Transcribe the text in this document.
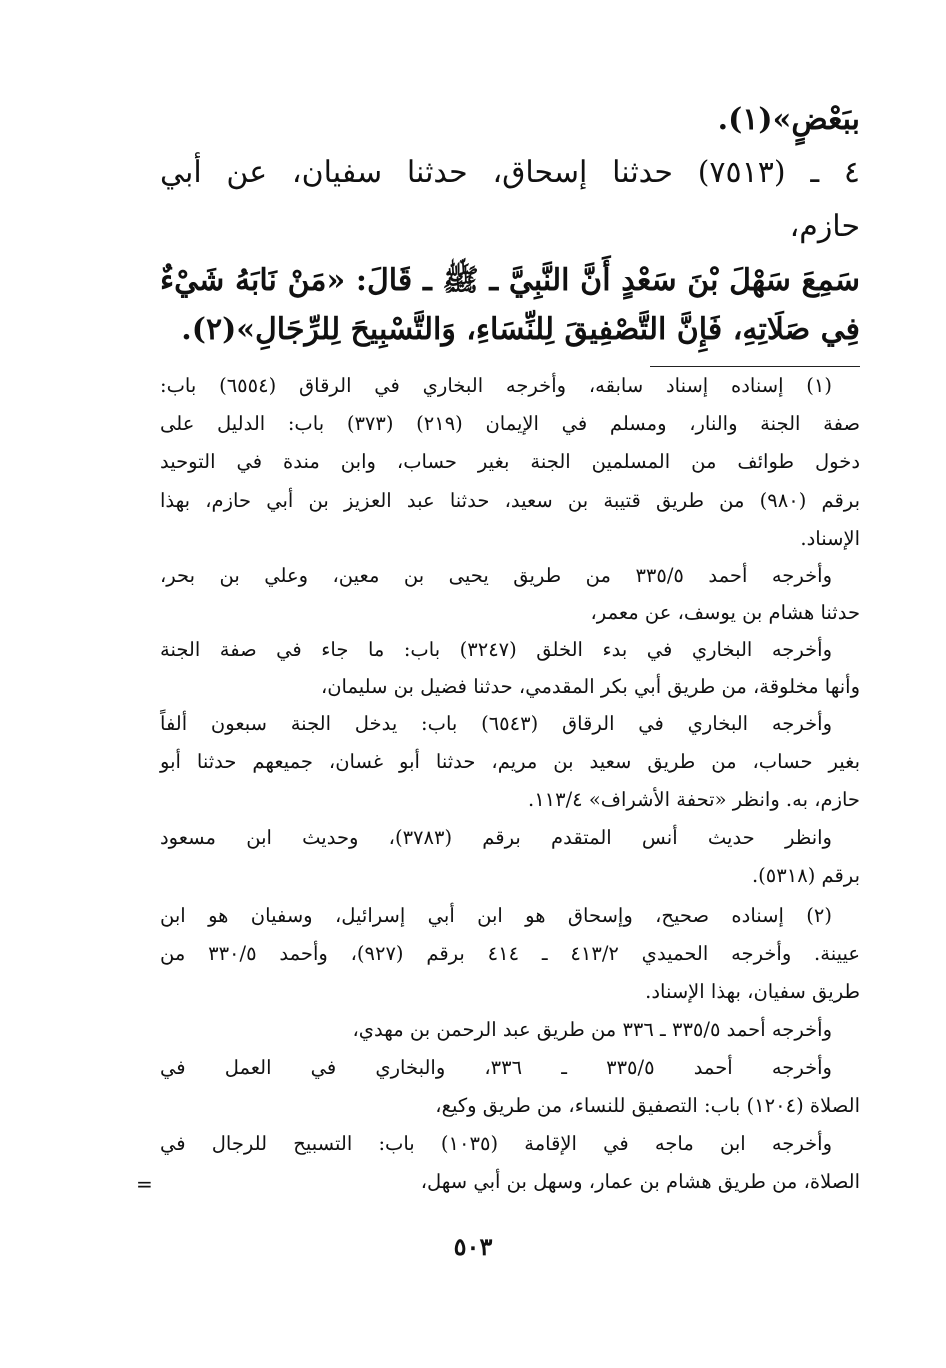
ببَعْضٍ»(١).
٤ ـ (٧٥١٣) حدثنا إسحاق، حدثنا سفيان، عن أبي
حازم،
سَمِعَ سَهْلَ بْنَ سَعْدٍ أَنَّ النَّبِيَّ ـ ﷺ ـ قَالَ: «مَنْ نَابَهُ شَيْءٌ
فِي صَلَاتِهِ، فَإِنَّ التَّصْفِيقَ لِلنِّسَاءِ، وَالتَّسْبِيحَ لِلرِّجَالِ»(٢).
(١) إسناده إسناد سابقه، وأخرجه البخاري في الرقاق (٦٥٥٤) باب:
صفة الجنة والنار، ومسلم في الإيمان (٢١٩) (٣٧٣) باب: الدليل على
دخول طوائف من المسلمين الجنة بغير حساب، وابن مندة في التوحيد
برقم (٩٨٠) من طريق قتيبة بن سعيد، حدثنا عبد العزيز بن أبي حازم، بهذا
الإسناد.
وأخرجه أحمد ٣٣٥/٥ من طريق يحيى بن معين، وعلي بن بحر،
حدثنا هشام بن يوسف، عن معمر،
وأخرجه البخاري في بدء الخلق (٣٢٤٧) باب: ما جاء في صفة الجنة
وأنها مخلوقة، من طريق أبي بكر المقدمي، حدثنا فضيل بن سليمان،
وأخرجه البخاري في الرقاق (٦٥٤٣) باب: يدخل الجنة سبعون ألفاً
بغير حساب، من طريق سعيد بن مريم، حدثنا أبو غسان، جميعهم حدثنا أبو
حازم، به. وانظر «تحفة الأشراف» ١١٣/٤.
وانظر حديث أنس المتقدم برقم (٣٧٨٣)، وحديث ابن مسعود
برقم (٥٣١٨).
(٢) إسناده صحيح، وإسحاق هو ابن أبي إسرائيل، وسفيان هو ابن
عيينة. وأخرجه الحميدي ٤١٣/٢ ـ ٤١٤ برقم (٩٢٧)، وأحمد ٣٣٠/٥ من
طريق سفيان، بهذا الإسناد.
وأخرجه أحمد ٣٣٥/٥ ـ ٣٣٦ من طريق عبد الرحمن بن مهدي،
وأخرجه أحمد ٣٣٥/٥ ـ ٣٣٦، والبخاري في العمل في
الصلاة (١٢٠٤) باب: التصفيق للنساء، من طريق وكيع،
وأخرجه ابن ماجه في الإقامة (١٠٣٥) باب: التسبيح للرجال في
الصلاة، من طريق هشام بن عمار، وسهل بن أبي سهل،
=
٥٠٣
